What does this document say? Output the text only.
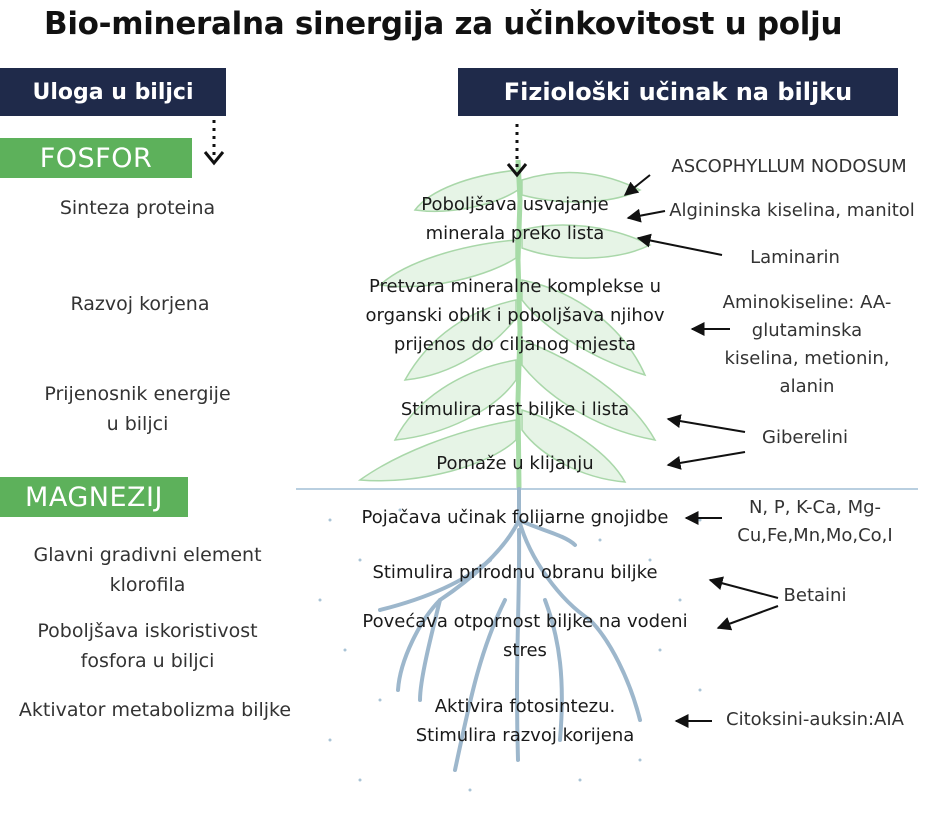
Bio-mineralna sinergija za učinkovitost u polju
Uloga u biljci	Fiziološki učinak na biljku
FOSFOR
Sinteza proteina
Razvoj korjena
Prijenosnik energije
u biljci
MAGNEZIJ
Glavni gradivni element
klorofila
Poboljšava iskoristivost
fosfora u biljci
Aktivator metabolizma biljke
Poboljšava usvajanje
minerala preko lista
Pretvara mineralne komplekse u
organski oblik i poboljšava njihov
prijenos do ciljanog mjesta
Stimulira rast biljke i lista
Pomaže u klijanju
Pojačava učinak folijarne gnojidbe
Stimulira prirodnu obranu biljke
Povećava otpornost biljke na vodeni
stres
Aktivira fotosintezu.
Stimulira razvoj korijena
ASCOPHYLLUM NODOSUM
Algininska kiselina, manitol
Laminarin
Aminokiseline: AA-
glutaminska
kiselina, metionin,
alanin
Giberelini
N, P, K-Ca, Mg-
Cu,Fe,Mn,Mo,Co,I
Betaini
Citoksini-auksin:AIA
